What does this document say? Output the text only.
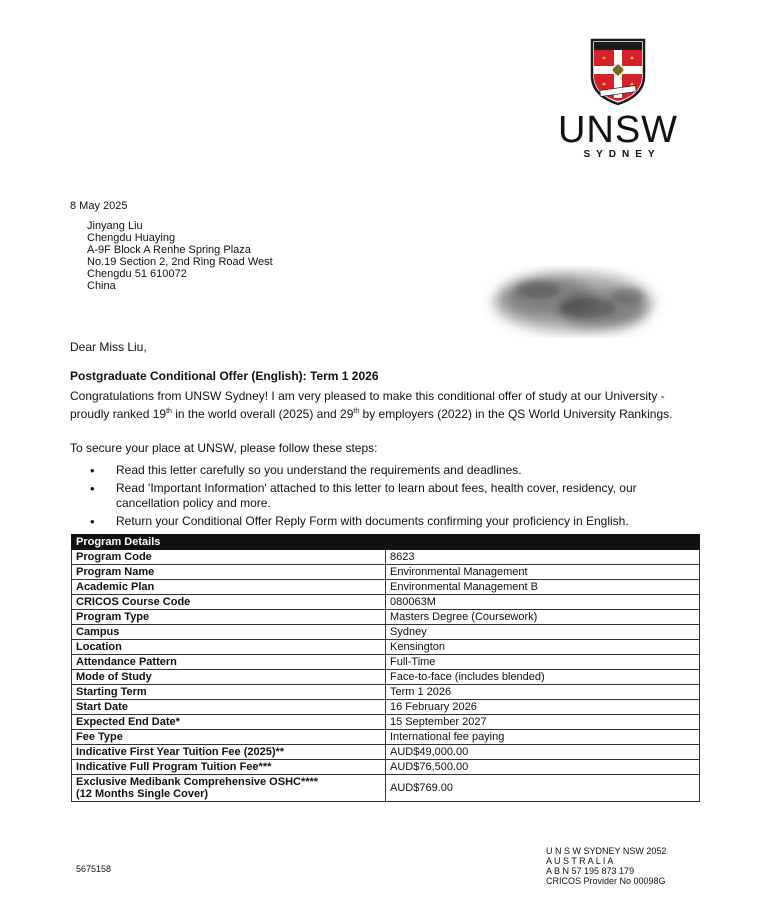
UNSW
SYDNEY
8 May 2025
Jinyang Liu
Chengdu Huaying
A-9F Block A Renhe Spring Plaza
No.19 Section 2, 2nd Ring Road West
Chengdu 51 610072
China
Dear Miss Liu,
Postgraduate Conditional Offer (English): Term 1 2026
Congratulations from UNSW Sydney! I am very pleased to make this conditional offer of study at our University - proudly ranked 19th in the world overall (2025) and 29th by employers (2022) in the QS World University Rankings.
To secure your place at UNSW, please follow these steps:
• Read this letter carefully so you understand the requirements and deadlines.
• Read 'Important Information' attached to this letter to learn about fees, health cover, residency, our cancellation policy and more.
• Return your Conditional Offer Reply Form with documents confirming your proficiency in English.
Program Details	
Program Code	8623
Program Name	Environmental Management
Academic Plan	Environmental Management B
CRICOS Course Code	080063M
Program Type	Masters Degree (Coursework)
Campus	Sydney
Location	Kensington
Attendance Pattern	Full-Time
Mode of Study	Face-to-face (includes blended)
Starting Term	Term 1 2026
Start Date	16 February 2026
Expected End Date*	15 September 2027
Fee Type	International fee paying
Indicative First Year Tuition Fee (2025)**	AUD$49,000.00
Indicative Full Program Tuition Fee***	AUD$76,500.00

Exclusive Medibank Comprehensive OSHC****
(12 Months Single Cover)	AUD$769.00
5675158
U N S W SYDNEY NSW 2052
A U S T R A L I A
A B N 57 195 873 179
CRICOS Provider No 00098G
